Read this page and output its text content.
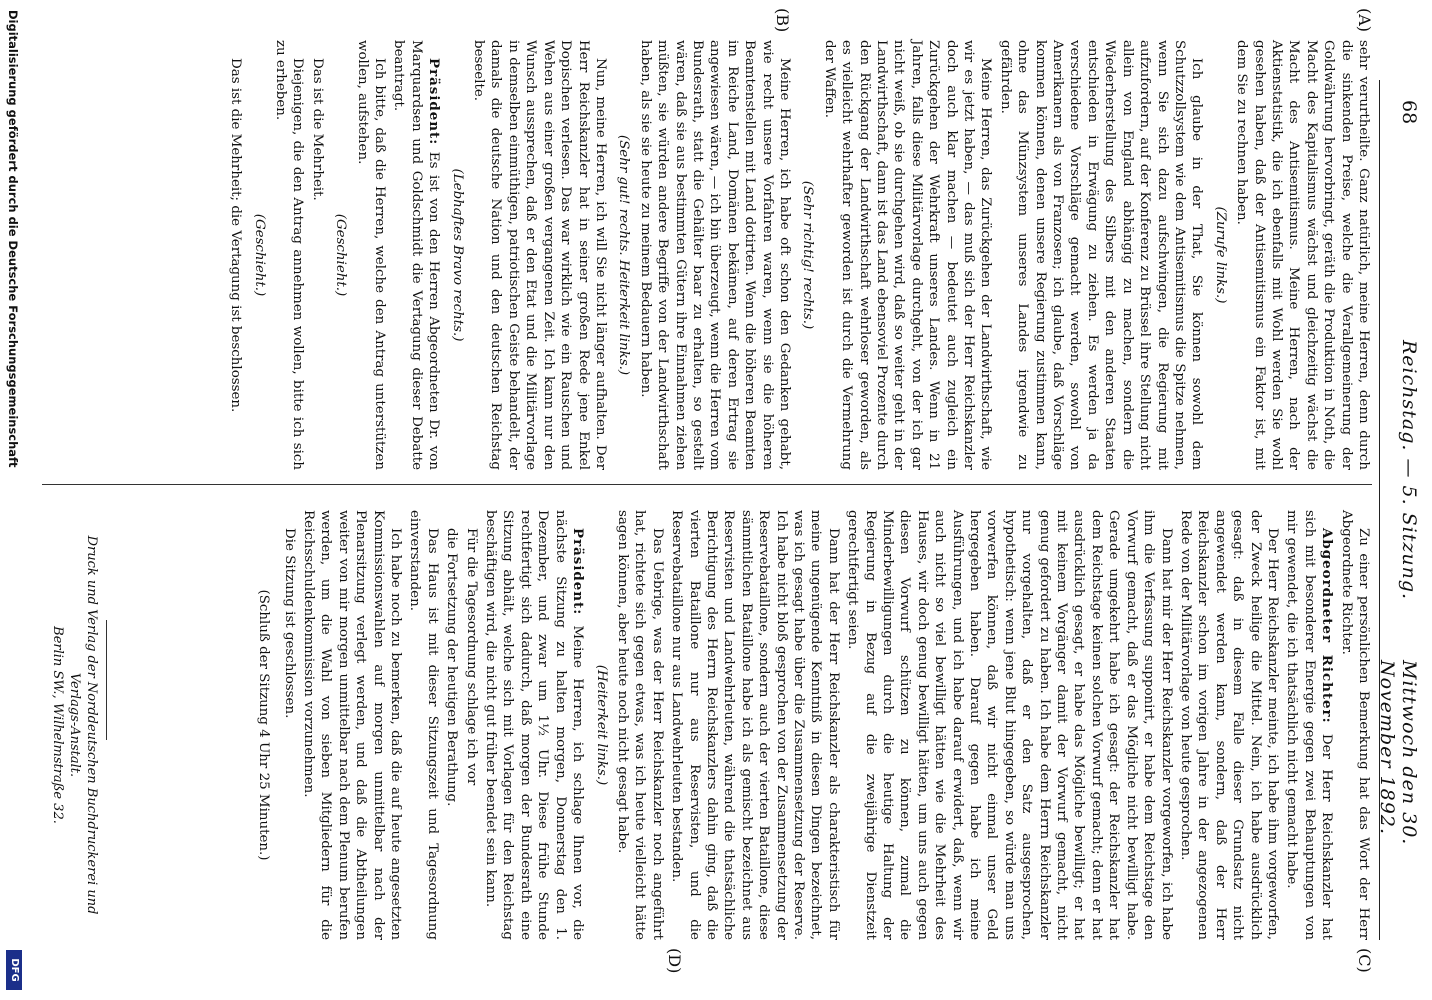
68
Reichstag. — 5. Sitzung.
Mittwoch den 30. November 1892.
(A)
(B)
(C)
(D)

sehr verurtheilte. Ganz natürlich, meine Herren, denn durch die sinkenden Preise, welche die Verallgemeinerung der Goldwährung hervorbringt, geräth die Produktion in Noth, die Macht des Kapitalismus wächst und gleichzeitig wächst die Macht des Antisemitismus. Meine Herren, nach der Aktienstatistik, die ich ebenfalls mit Wohl werden Sie wohl gesehen haben, daß der Antisemitismus ein Faktor ist, mit dem Sie zu rechnen haben.

(Zurufe links.)

Ich glaube in der That, Sie können sowohl dem Schutzzollsystem wie dem Antisemitismus die Spitze nehmen, wenn Sie sich dazu aufschwingen, die Regierung mit aufzufordern, auf der Konferenz zu Brüssel ihre Stellung nicht allein von England abhängig zu machen, sondern die Wiederherstellung des Silbers mit den anderen Staaten entschieden in Erwägung zu ziehen. Es werden ja da verschiedene Vorschläge gemacht werden, sowohl von Amerikanern als von Franzosen; ich glaube, daß Vorschläge kommen können, denen unsere Regierung zustimmen kann, ohne das Münzsystem unseres Landes irgendwie zu gefährden.

Meine Herren, das Zurückgehen der Landwirthschaft, wie wir es jetzt haben, — das muß sich der Herr Reichskanzler doch auch klar machen — bedeutet auch zugleich ein Zurückgehen der Wehrkraft unseres Landes. Wenn in 21 Jahren, falls diese Militärvorlage durchgeht, von der ich gar nicht weiß, ob sie durchgehen wird, daß so weiter geht in der Landwirthschaft, dann ist das Land ebensoviel Prozente durch den Rückgang der Landwirthschaft wehrloser geworden, als es vielleicht wehrhafter geworden ist durch die Vermehrung der Waffen.

(Sehr richtig! rechts.)

Meine Herren, ich habe oft schon den Gedanken gehabt, wie recht unsere Vorfahren waren, wenn sie die höheren Beamtenstellen mit Land dotirten. Wenn die höheren Beamten im Reiche Land, Domänen bekämen, auf deren Ertrag sie angewiesen wären, — ich bin überzeugt, wenn die Herren vom Bundesrath, statt die Gehälter baar zu erhalten, so gestellt wären, daß sie aus bestimmten Gütern ihre Einnahmen ziehen müßten, sie würden andere Begriffe von der Landwirthschaft haben, als sie sie heute zu meinem Bedauern haben.

(Sehr gut! rechts. Heiterkeit links.)

Nun, meine Herren, ich will Sie nicht länger aufhalten. Der Herr Reichskanzler hat in seiner großen Rede jene Enkel Dopischen verlesen. Das war wirklich wie ein Rauschen und Wehen aus einer großen vergangenen Zeit. Ich kann nur den Wunsch aussprechen, daß er den Etat und die Militärvorlage in demselben einmüthigen, patriotischen Geiste behandelt, der damals die deutsche Nation und den deutschen Reichstag beseelte.

(Lebhaftes Bravo rechts.)

Präsident: Es ist von den Herren Abgeordneten Dr. von Marquardsen und Goldschmidt die Vertagung dieser Debatte beantragt.

Ich bitte, daß die Herren, welche den Antrag unterstützen wollen, aufstehen.

(Geschieht.)

Das ist die Mehrheit.

Diejenigen, die den Antrag annehmen wollen, bitte ich sich zu erheben.

(Geschieht.)

Das ist die Mehrheit; die Vertagung ist beschlossen.

Zu einer persönlichen Bemerkung hat das Wort der Herr Abgeordnete Richter.

Abgeordneter Richter: Der Herr Reichskanzler hat sich mit besonderer Energie gegen zwei Behauptungen von mir gewendet, die ich thatsächlich nicht gemacht habe.

Der Herr Reichskanzler meinte, ich habe ihm vorgeworfen, der Zweck heilige die Mittel. Nein, ich habe ausdrücklich gesagt: daß in diesem Falle dieser Grundsatz nicht angewendet werden kann, sondern, daß der Herr Reichskanzler schon im vorigen Jahre in der angezogenen Rede von der Militärvorlage von heute gesprochen.

Dann hat mir der Herr Reichskanzler vorgeworfen, ich habe ihm die Verfassung supponirt, er habe dem Reichstage den Vorwurf gemacht, daß er das Mögliche nicht bewilligt habe. Gerade umgekehrt habe ich gesagt: der Reichskanzler hat dem Reichstage keinen solchen Vorwurf gemacht; denn er hat ausdrücklich gesagt, er habe das Mögliche bewilligt; er hat mit keinem Vorgänger damit der Vorwurf gemacht, nicht genug gefordert zu haben. Ich habe dem Herrn Reichskanzler nur vorgehalten, daß er den Satz ausgesprochen, hypothetisch: wenn jene Blut hingegeben, so würde man uns vorwerfen können, daß wir nicht einmal unser Geld hergegeben haben. Darauf gegen habe ich meine Ausführungen, und ich habe darauf erwidert, daß, wenn wir auch nicht so viel bewilligt hätten wie die Mehrheit des Hauses, wir doch genug bewilligt hätten, um uns auch gegen diesen Vorwurf schützen zu können, zumal die Minderbewilligungen durch die heutige Haltung der Regierung in Bezug auf die zweijährige Dienstzeit gerechtfertigt seien.

Dann hat der Herr Reichskanzler als charakteristisch für meine ungenügende Kenntniß in diesen Dingen bezeichnet, was ich gesagt habe über die Zusammensetzung der Reserve. Ich habe nicht bloß gesprochen von der Zusammensetzung der Reservebataillone, sondern auch der vierten Bataillone, diese sämmtlichen Bataillone habe ich als gemischt bezeichnet aus Reservisten und Landwehrleuten, während die thatsächliche Berichtigung des Herrn Reichskanzlers dahin ging, daß die vierten Bataillone nur aus Reservisten, und die Reservebataillone nur aus Landwehrleuten bestanden.

Das Uebrige, was der Herr Reichskanzler noch angeführt hat, richtete sich gegen etwas, was ich heute vielleicht hätte sagen können, aber heute noch nicht gesagt habe.

(Heiterkeit links.)

Präsident: Meine Herren, ich schlage Ihnen vor, die nächste Sitzung zu halten morgen, Donnerstag den 1. Dezember, und zwar um 1½ Uhr. Diese frühe Stunde rechtfertigt sich dadurch, daß morgen der Bundesrath eine Sitzung abhält, welche sich mit Vorlagen für den Reichstag beschäftigen wird, die nicht gut früher beendet sein kann.

Für die Tagesordnung schlage ich vor

die Fortsetzung der heutigen Berathung.

Das Haus ist mit dieser Sitzungszeit und Tagesordnung einverstanden.

Ich habe noch zu bemerken, daß die auf heute angesetzten Kommissionswahlen auf morgen unmittelbar nach der Plenarsitzung verlegt werden, und daß die Abtheilungen weiter von mir morgen unmittelbar nach dem Plenum berufen werden, um die Wahl von sieben Mitgliedern für die Reichsschuldenkommission vorzunehmen.

Die Sitzung ist geschlossen.

(Schluß der Sitzung 4 Uhr 25 Minuten.)

Druck und Verlag der Norddeutschen Buchdruckerei und Verlags-Anstalt.
Berlin SW., Wilhelmstraße 32.
Digitalisierung gefördert durch die Deutsche Forschungsgemeinschaft
DFG
